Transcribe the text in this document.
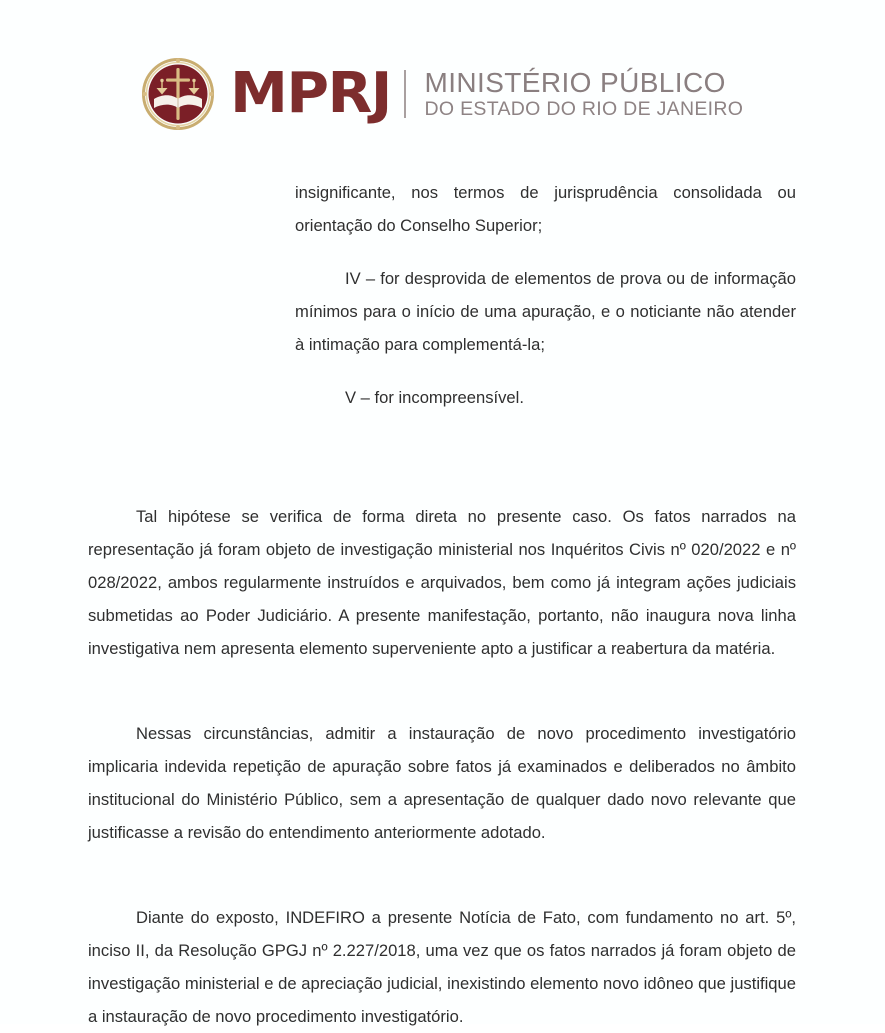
MPRJ MINISTÉRIO PÚBLICO
DO ESTADO DO RIO DE JANEIRO

insignificante, nos termos de jurisprudência consolidada ou orientação do Conselho Superior;

IV – for desprovida de elementos de prova ou de informação mínimos para o início de uma apuração, e o noticiante não atender à intimação para complementá-la;

V – for incompreensível.

Tal hipótese se verifica de forma direta no presente caso. Os fatos narrados na representação já foram objeto de investigação ministerial nos Inquéritos Civis nº 020/2022 e nº 028/2022, ambos regularmente instruídos e arquivados, bem como já integram ações judiciais submetidas ao Poder Judiciário. A presente manifestação, portanto, não inaugura nova linha investigativa nem apresenta elemento superveniente apto a justificar a reabertura da matéria.

Nessas circunstâncias, admitir a instauração de novo procedimento investigatório implicaria indevida repetição de apuração sobre fatos já examinados e deliberados no âmbito institucional do Ministério Público, sem a apresentação de qualquer dado novo relevante que justificasse a revisão do entendimento anteriormente adotado.

Diante do exposto, INDEFIRO a presente Notícia de Fato, com fundamento no art. 5º, inciso II, da Resolução GPGJ nº 2.227/2018, uma vez que os fatos narrados já foram objeto de investigação ministerial e de apreciação judicial, inexistindo elemento novo idôneo que justifique a instauração de novo procedimento investigatório.
